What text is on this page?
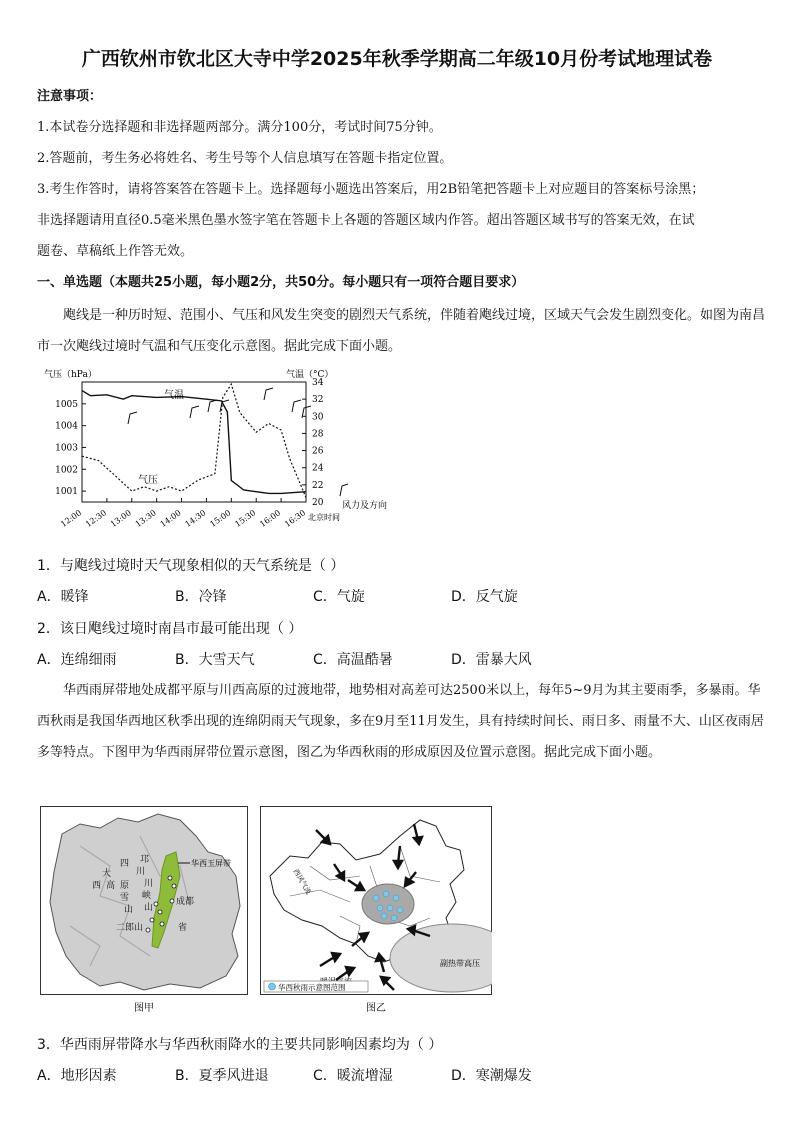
广西钦州市钦北区大寺中学2025年秋季学期高二年级10月份考试地理试卷
注意事项：
1.本试卷分选择题和非选择题两部分。满分100分，考试时间75分钟。
2.答题前，考生务必将姓名、考生号等个人信息填写在答题卡指定位置。
3.考生作答时，请将答案答在答题卡上。选择题每小题选出答案后，用2B铅笔把答题卡上对应题目的答案标号涂黑；
非选择题请用直径0.5毫米黑色墨水签字笔在答题卡上各题的答题区域内作答。超出答题区域书写的答案无效，在试
题卷、草稿纸上作答无效。
一、单选题（本题共25小题，每小题2分，共50分。每小题只有一项符合题目要求）
飑线是一种历时短、范围小、气压和风发生突变的剧烈天气系统，伴随着飑线过境，区域天气会发生剧烈变化。如图为南昌市一次飑线过境时气温和气压变化示意图。据此完成下面小题。
气压（hPa）	气温（°C）
1005
1004
1003
1002
1001
34
32
30
28
26
24
22
20
12:00 12:30 13:00 13:30 14:00 14:30 15:00 15:30 16:00 16:30 北京时间
气温
气压
风力及方向
1．与飑线过境时天气现象相似的天气系统是（ ）
A．暖锋	B．冷锋	C．气旋	D．反气旋
2．该日飑线过境时南昌市最可能出现（ ）
A．连绵细雨	B．大雪天气	C．高温酷暑	D．雷暴大风
华西雨屏带地处成都平原与川西高原的过渡地带，地势相对高差可达2500米以上，每年5~9月为其主要雨季，多暴雨。华西秋雨是我国华西地区秋季出现的连绵阴雨天气现象，多在9月至11月发生，具有持续时间长、雨日多、雨量不大、山区夜雨居多等特点。下图甲为华西雨屏带位置示意图，图乙为华西秋雨的形成原因及位置示意图。据此完成下面小题。
华西玉屏带
四
川
大
邛
川
西 高 原
峡
雪
山 山
二郎山
成都
省
图甲
西风气流
副热带高压
华西秋雨示意图范围
图乙
3．华西雨屏带降水与华西秋雨降水的主要共同影响因素均为（ ）
A．地形因素	B．夏季风进退	C．暖流增湿	D．寒潮爆发
